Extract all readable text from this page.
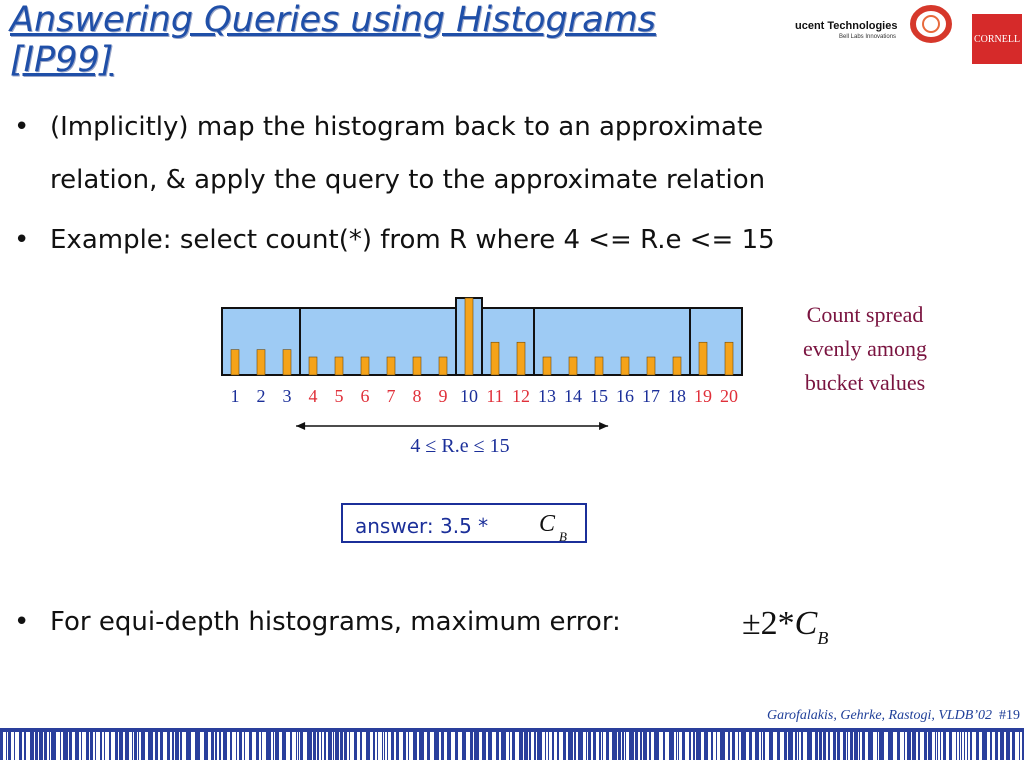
Answering Queries using Histograms
[IP99]
ucent Technologies
Bell Labs Innovations	CORNELL
• (Implicitly) map the histogram back to an approximate
relation, & apply the query to the approximate relation
• Example: select count(*) from R where 4 <= R.e <= 15
• For equi-depth histograms, maximum error:
1 2 3 4 5 6 7 8 9 10 11 12 13 14 15 16 17 18 19 20
Count spread
evenly among
bucket values
4 ≤ R.e ≤ 15
answer: 3.5 * C B
$\pm 2*C_B$
Garofalakis, Gehrke, Rastogi, VLDB’02 #19
